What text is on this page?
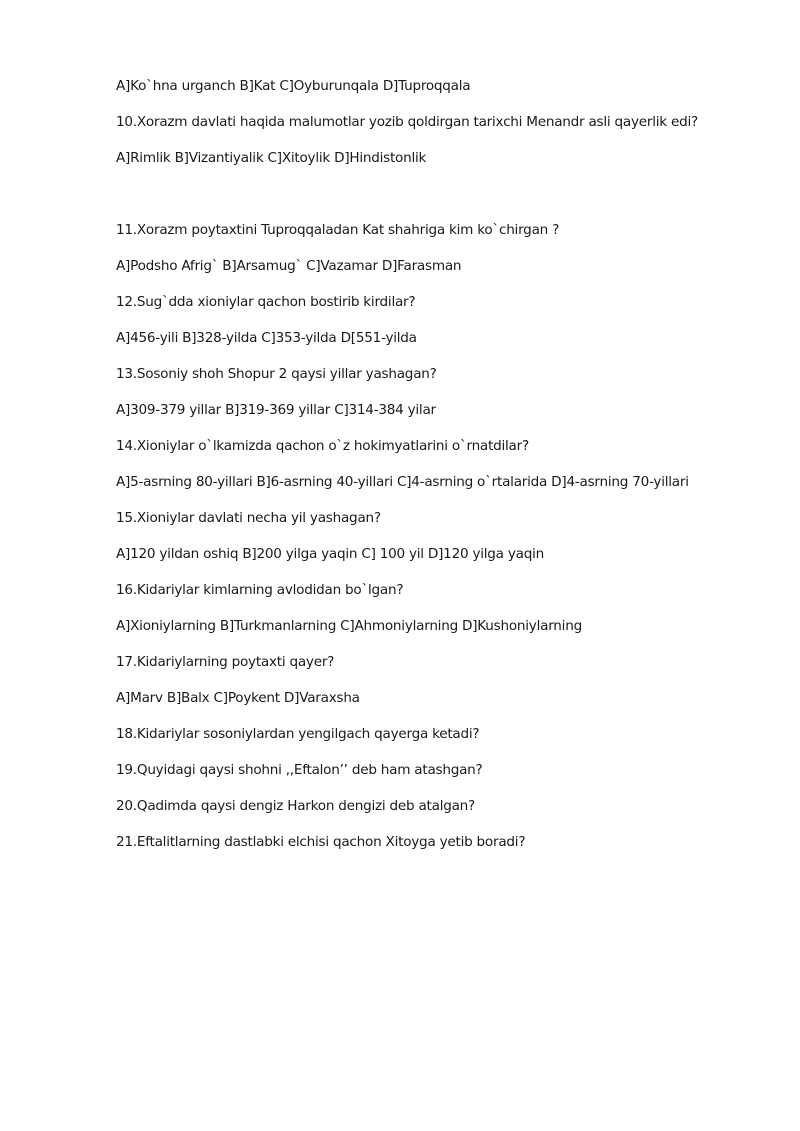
A]Ko`hna urganch B]Kat C]Oyburunqala D]Tuproqqala
10.Xorazm davlati haqida malumotlar yozib qoldirgan tarixchi Menandr asli qayerlik edi?
A]Rimlik B]Vizantiyalik C]Xitoylik D]Hindistonlik
11.Xorazm poytaxtini Tuproqqaladan Kat shahriga kim ko`chirgan ?
A]Podsho Afrig` B]Arsamug` C]Vazamar D]Farasman
12.Sug`dda xioniylar qachon bostirib kirdilar?
A]456-yili B]328-yilda C]353-yilda D[551-yilda
13.Sosoniy shoh Shopur 2 qaysi yillar yashagan?
A]309-379 yillar B]319-369 yillar C]314-384 yilar
14.Xioniylar o`lkamizda qachon o`z hokimyatlarini o`rnatdilar?
A]5-asrning 80-yillari B]6-asrning 40-yillari C]4-asrning o`rtalarida D]4-asrning 70-yillari
15.Xioniylar davlati necha yil yashagan?
A]120 yildan oshiq B]200 yilga yaqin C] 100 yil D]120 yilga yaqin
16.Kidariylar kimlarning avlodidan bo`lgan?
A]Xioniylarning B]Turkmanlarning C]Ahmoniylarning D]Kushoniylarning
17.Kidariylarning poytaxti qayer?
A]Marv B]Balx C]Poykent D]Varaxsha
18.Kidariylar sosoniylardan yengilgach qayerga ketadi?
19.Quyidagi qaysi shohni ,,Eftalon’’ deb ham atashgan?
20.Qadimda qaysi dengiz Harkon dengizi deb atalgan?
21.Eftalitlarning dastlabki elchisi qachon Xitoyga yetib boradi?
